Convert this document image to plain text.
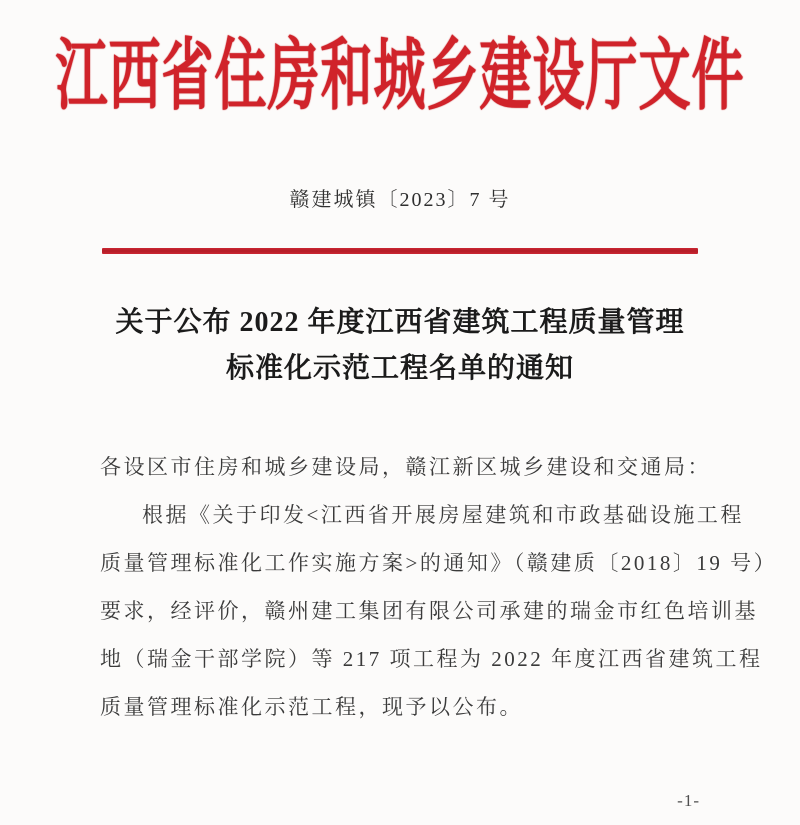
江西省住房和城乡建设厅文件
赣建城镇〔2023〕7 号
关于公布 2022 年度江西省建筑工程质量管理
标准化示范工程名单的通知
各设区市住房和城乡建设局，赣江新区城乡建设和交通局：
根据《关于印发<江西省开展房屋建筑和市政基础设施工程
质量管理标准化工作实施方案>的通知》（赣建质〔2018〕19 号）
要求，经评价，赣州建工集团有限公司承建的瑞金市红色培训基
地（瑞金干部学院）等 217 项工程为 2022 年度江西省建筑工程
质量管理标准化示范工程，现予以公布。
-1-
